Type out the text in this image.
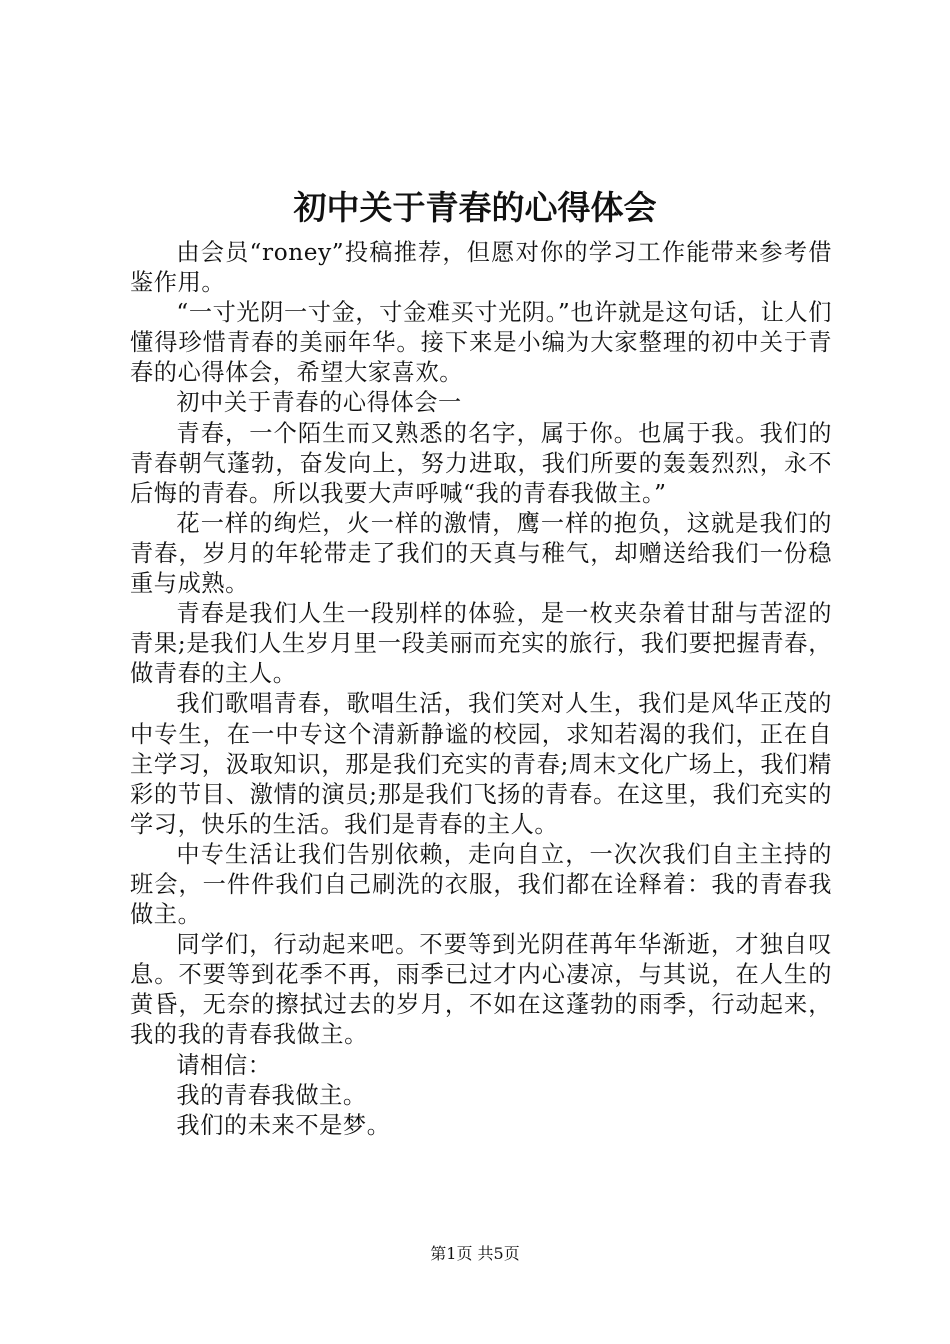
初中关于青春的心得体会

由会员“roney”投稿推荐，但愿对你的学习工作能带来参考借鉴作用。

“一寸光阴一寸金，寸金难买寸光阴。”也许就是这句话，让人们懂得珍惜青春的美丽年华。接下来是小编为大家整理的初中关于青春的心得体会，希望大家喜欢。

初中关于青春的心得体会一

青春，一个陌生而又熟悉的名字，属于你。也属于我。我们的青春朝气蓬勃，奋发向上，努力进取，我们所要的轰轰烈烈，永不后悔的青春。所以我要大声呼喊“我的青春我做主。”

花一样的绚烂，火一样的激情，鹰一样的抱负，这就是我们的青春，岁月的年轮带走了我们的天真与稚气，却赠送给我们一份稳重与成熟。

青春是我们人生一段别样的体验，是一枚夹杂着甘甜与苦涩的青果;是我们人生岁月里一段美丽而充实的旅行，我们要把握青春，做青春的主人。

我们歌唱青春，歌唱生活，我们笑对人生，我们是风华正茂的中专生，在一中专这个清新静谧的校园，求知若渴的我们，正在自主学习，汲取知识，那是我们充实的青春;周末文化广场上，我们精彩的节目、激情的演员;那是我们飞扬的青春。在这里，我们充实的学习，快乐的生活。我们是青春的主人。

中专生活让我们告别依赖，走向自立，一次次我们自主主持的班会，一件件我们自己刷洗的衣服，我们都在诠释着：我的青春我做主。

同学们，行动起来吧。不要等到光阴荏苒年华渐逝，才独自叹息。不要等到花季不再，雨季已过才内心凄凉，与其说，在人生的黄昏，无奈的擦拭过去的岁月，不如在这蓬勃的雨季，行动起来，我的我的青春我做主。

请相信：

我的青春我做主。

我们的未来不是梦。

第1页 共5页
